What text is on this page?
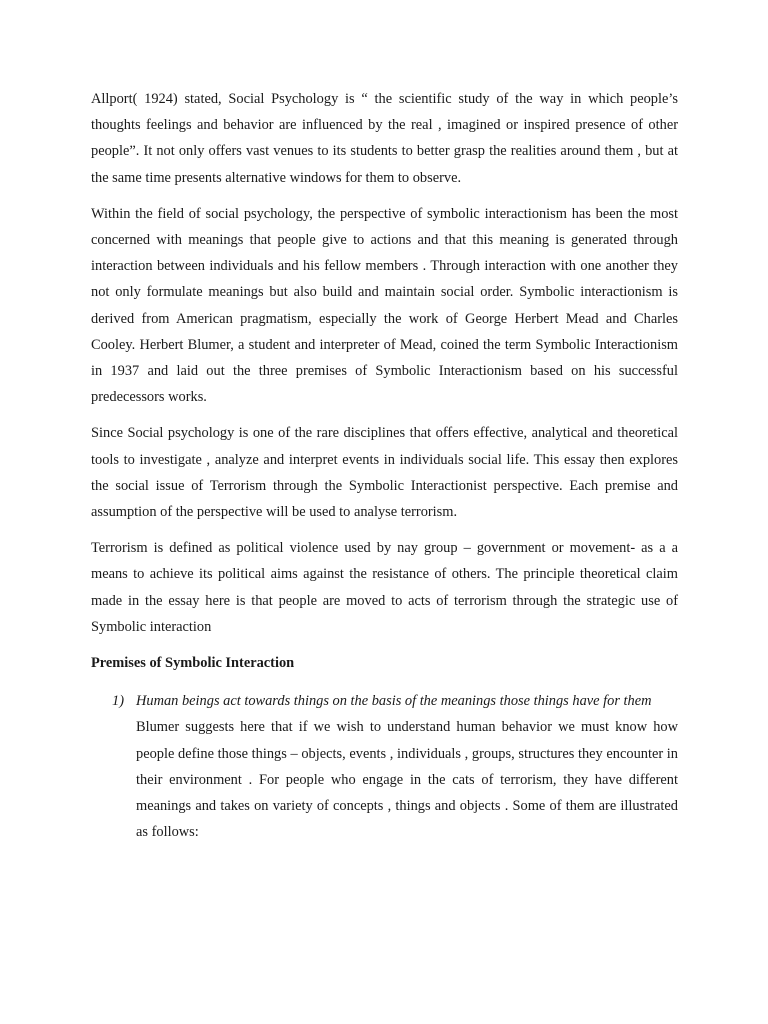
Allport( 1924) stated, Social Psychology is “ the scientific study of the way in which people’s thoughts feelings and behavior are influenced by the real , imagined or inspired presence of other people”. It not only offers vast venues to its students to better grasp the realities around them , but at the same time presents alternative windows for them to observe.

Within the field of social psychology, the perspective of symbolic interactionism has been the most concerned with meanings that people give to actions and that this meaning is generated through interaction between individuals and his fellow members . Through interaction with one another they not only formulate meanings but also build and maintain social order. Symbolic interactionism is derived from American pragmatism, especially the work of George Herbert Mead and Charles Cooley. Herbert Blumer, a student and interpreter of Mead, coined the term Symbolic Interactionism in 1937 and laid out the three premises of Symbolic Interactionism based on his successful predecessors works.

Since Social psychology is one of the rare disciplines that offers effective, analytical and theoretical tools to investigate , analyze and interpret events in individuals social life. This essay then explores the social issue of Terrorism through the Symbolic Interactionist perspective. Each premise and assumption of the perspective will be used to analyse terrorism.

Terrorism is defined as political violence used by nay group – government or movement- as a a means to achieve its political aims against the resistance of others. The principle theoretical claim made in the essay here is that people are moved to acts of terrorism through the strategic use of Symbolic interaction

Premises of Symbolic Interaction

1) Human beings act towards things on the basis of the meanings those things have for them

Blumer suggests here that if we wish to understand human behavior we must know how people define those things – objects, events , individuals , groups, structures they encounter in their environment . For people who engage in the cats of terrorism, they have different meanings and takes on variety of concepts , things and objects . Some of them are illustrated as follows:
